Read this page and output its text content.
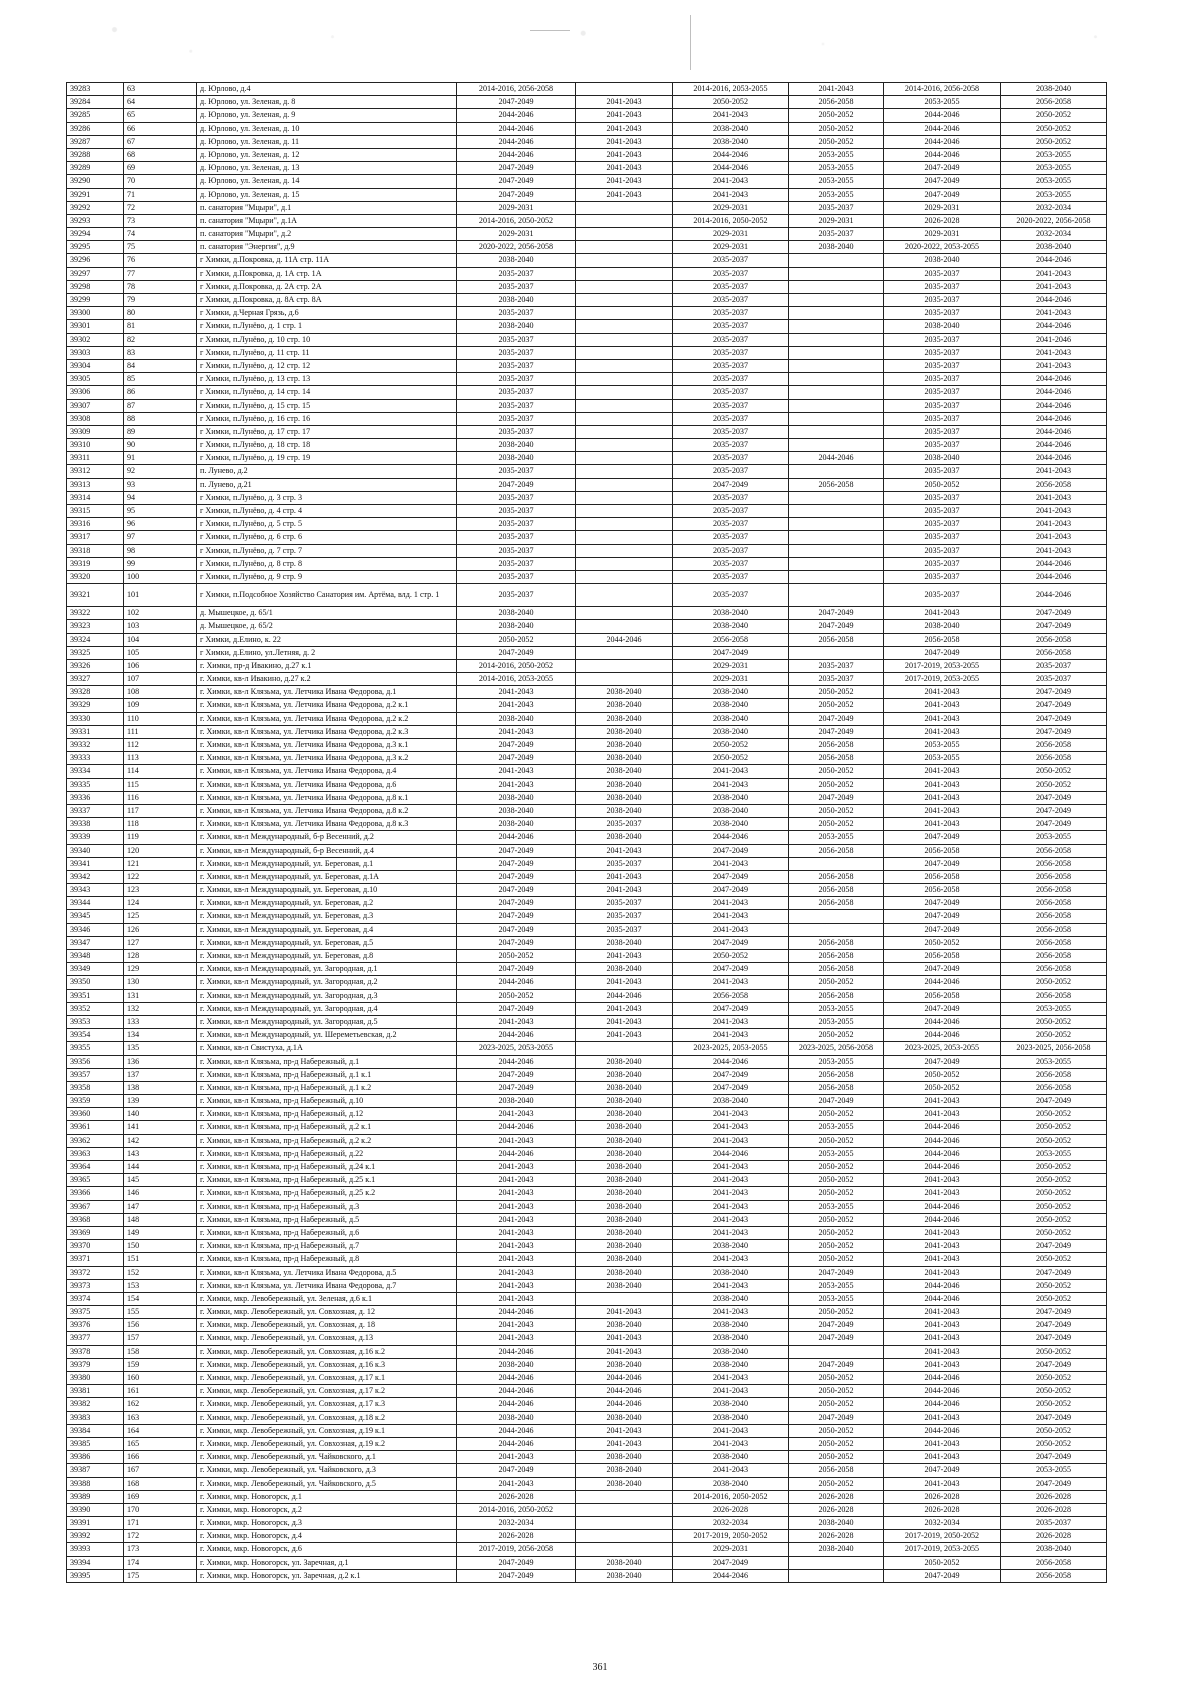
39283	63	д. Юрлово, д.4	2014-2016, 2056-2058		2014-2016, 2053-2055	2041-2043	2014-2016, 2056-2058	2038-2040
39284	64	д. Юрлово, ул. Зеленая, д. 8	2047-2049	2041-2043	2050-2052	2056-2058	2053-2055	2056-2058
39285	65	д. Юрлово, ул. Зеленая, д. 9	2044-2046	2041-2043	2041-2043	2050-2052	2044-2046	2050-2052
39286	66	д. Юрлово, ул. Зеленая, д. 10	2044-2046	2041-2043	2038-2040	2050-2052	2044-2046	2050-2052
39287	67	д. Юрлово, ул. Зеленая, д. 11	2044-2046	2041-2043	2038-2040	2050-2052	2044-2046	2050-2052
39288	68	д. Юрлово, ул. Зеленая, д. 12	2044-2046	2041-2043	2044-2046	2053-2055	2044-2046	2053-2055
39289	69	д. Юрлово, ул. Зеленая, д. 13	2047-2049	2041-2043	2044-2046	2053-2055	2047-2049	2053-2055
39290	70	д. Юрлово, ул. Зеленая, д. 14	2047-2049	2041-2043	2041-2043	2053-2055	2047-2049	2053-2055
39291	71	д. Юрлово, ул. Зеленая, д. 15	2047-2049	2041-2043	2041-2043	2053-2055	2047-2049	2053-2055
39292	72	п. санатория "Мцыри", д.1	2029-2031		2029-2031	2035-2037	2029-2031	2032-2034
39293	73	п. санатория "Мцыри", д.1А	2014-2016, 2050-2052		2014-2016, 2050-2052	2029-2031	2026-2028	2020-2022, 2056-2058
39294	74	п. санатория "Мцыри", д.2	2029-2031		2029-2031	2035-2037	2029-2031	2032-2034
39295	75	п. санатория "Энергия", д.9	2020-2022, 2056-2058		2029-2031	2038-2040	2020-2022, 2053-2055	2038-2040
39296	76	г Химки, д.Покровка, д. 11А стр. 11А	2038-2040		2035-2037		2038-2040	2044-2046
39297	77	г Химки, д.Покровка, д. 1А стр. 1А	2035-2037		2035-2037		2035-2037	2041-2043
39298	78	г Химки, д.Покровка, д. 2А стр. 2А	2035-2037		2035-2037		2035-2037	2041-2043
39299	79	г Химки, д.Покровка, д. 8А стр. 8А	2038-2040		2035-2037		2035-2037	2044-2046
39300	80	г Химки, д.Черная Грязь, д.6	2035-2037		2035-2037		2035-2037	2041-2043
39301	81	г Химки, п.Лунёво, д. 1 стр. 1	2038-2040		2035-2037		2038-2040	2044-2046
39302	82	г Химки, п.Лунёво, д. 10 стр. 10	2035-2037		2035-2037		2035-2037	2041-2046
39303	83	г Химки, п.Лунёво, д. 11 стр. 11	2035-2037		2035-2037		2035-2037	2041-2043
39304	84	г Химки, п.Лунёво, д. 12 стр. 12	2035-2037		2035-2037		2035-2037	2041-2043
39305	85	г Химки, п.Лунёво, д. 13 стр. 13	2035-2037		2035-2037		2035-2037	2044-2046
39306	86	г Химки, п.Лунёво, д. 14 стр. 14	2035-2037		2035-2037		2035-2037	2044-2046
39307	87	г Химки, п.Лунёво, д. 15 стр. 15	2035-2037		2035-2037		2035-2037	2044-2046
39308	88	г Химки, п.Лунёво, д. 16 стр. 16	2035-2037		2035-2037		2035-2037	2044-2046
39309	89	г Химки, п.Лунёво, д. 17 стр. 17	2035-2037		2035-2037		2035-2037	2044-2046
39310	90	г Химки, п.Лунёво, д. 18 стр. 18	2038-2040		2035-2037		2035-2037	2044-2046
39311	91	г Химки, п.Лунёво, д. 19 стр. 19	2038-2040		2035-2037	2044-2046	2038-2040	2044-2046
39312	92	п. Лунево, д.2	2035-2037		2035-2037		2035-2037	2041-2043
39313	93	п. Лунево, д.21	2047-2049		2047-2049	2056-2058	2050-2052	2056-2058
39314	94	г Химки, п.Лунёво, д. 3 стр. 3	2035-2037		2035-2037		2035-2037	2041-2043
39315	95	г Химки, п.Лунёво, д. 4 стр. 4	2035-2037		2035-2037		2035-2037	2041-2043
39316	96	г Химки, п.Лунёво, д. 5 стр. 5	2035-2037		2035-2037		2035-2037	2041-2043
39317	97	г Химки, п.Лунёво, д. 6 стр. 6	2035-2037		2035-2037		2035-2037	2041-2043
39318	98	г Химки, п.Лунёво, д. 7 стр. 7	2035-2037		2035-2037		2035-2037	2041-2043
39319	99	г Химки, п.Лунёво, д. 8 стр. 8	2035-2037		2035-2037		2035-2037	2044-2046
39320	100	г Химки, п.Лунёво, д. 9 стр. 9	2035-2037		2035-2037		2035-2037	2044-2046
39321	101	г Химки, п.Подсобное Хозяйство Санатория им. Артёма, влд. 1 стр. 1	2035-2037		2035-2037		2035-2037	2044-2046
39322	102	д. Мышецкое, д. 65/1	2038-2040		2038-2040	2047-2049	2041-2043	2047-2049
39323	103	д. Мышецкое, д. 65/2	2038-2040		2038-2040	2047-2049	2038-2040	2047-2049
39324	104	г Химки, д.Елино, к. 22	2050-2052	2044-2046	2056-2058	2056-2058	2056-2058	2056-2058
39325	105	г Химки, д.Елино, ул.Летняя, д. 2	2047-2049		2047-2049		2047-2049	2056-2058
39326	106	г. Химки, пр-д Ивакино, д.27 к.1	2014-2016, 2050-2052		2029-2031	2035-2037	2017-2019, 2053-2055	2035-2037
39327	107	г. Химки, кв-л Ивакино, д.27 к.2	2014-2016, 2053-2055		2029-2031	2035-2037	2017-2019, 2053-2055	2035-2037
39328	108	г. Химки, кв-л Клязьма, ул. Летчика Ивана Федорова, д.1	2041-2043	2038-2040	2038-2040	2050-2052	2041-2043	2047-2049
39329	109	г. Химки, кв-л Клязьма, ул. Летчика Ивана Федорова, д.2 к.1	2041-2043	2038-2040	2038-2040	2050-2052	2041-2043	2047-2049
39330	110	г. Химки, кв-л Клязьма, ул. Летчика Ивана Федорова, д.2 к.2	2038-2040	2038-2040	2038-2040	2047-2049	2041-2043	2047-2049
39331	111	г. Химки, кв-л Клязьма, ул. Летчика Ивана Федорова, д.2 к.3	2041-2043	2038-2040	2038-2040	2047-2049	2041-2043	2047-2049
39332	112	г. Химки, кв-л Клязьма, ул. Летчика Ивана Федорова, д.3 к.1	2047-2049	2038-2040	2050-2052	2056-2058	2053-2055	2056-2058
39333	113	г. Химки, кв-л Клязьма, ул. Летчика Ивана Федорова, д.3 к.2	2047-2049	2038-2040	2050-2052	2056-2058	2053-2055	2056-2058
39334	114	г. Химки, кв-л Клязьма, ул. Летчика Ивана Федорова, д.4	2041-2043	2038-2040	2041-2043	2050-2052	2041-2043	2050-2052
39335	115	г. Химки, кв-л Клязьма, ул. Летчика Ивана Федорова, д.6	2041-2043	2038-2040	2041-2043	2050-2052	2041-2043	2050-2052
39336	116	г. Химки, кв-л Клязьма, ул. Летчика Ивана Федорова, д.8 к.1	2038-2040	2038-2040	2038-2040	2047-2049	2041-2043	2047-2049
39337	117	г. Химки, кв-л Клязьма, ул. Летчика Ивана Федорова, д.8 к.2	2038-2040	2038-2040	2038-2040	2050-2052	2041-2043	2047-2049
39338	118	г. Химки, кв-л Клязьма, ул. Летчика Ивана Федорова, д.8 к.3	2038-2040	2035-2037	2038-2040	2050-2052	2041-2043	2047-2049
39339	119	г. Химки, кв-л Международный, б-р Весенний, д.2	2044-2046	2038-2040	2044-2046	2053-2055	2047-2049	2053-2055
39340	120	г. Химки, кв-л Международный, б-р Весенний, д.4	2047-2049	2041-2043	2047-2049	2056-2058	2056-2058	2056-2058
39341	121	г. Химки, кв-л Международный, ул. Береговая, д.1	2047-2049	2035-2037	2041-2043		2047-2049	2056-2058
39342	122	г. Химки, кв-л Международный, ул. Береговая, д.1А	2047-2049	2041-2043	2047-2049	2056-2058	2056-2058	2056-2058
39343	123	г. Химки, кв-л Международный, ул. Береговая, д.10	2047-2049	2041-2043	2047-2049	2056-2058	2056-2058	2056-2058
39344	124	г. Химки, кв-л Международный, ул. Береговая, д.2	2047-2049	2035-2037	2041-2043	2056-2058	2047-2049	2056-2058
39345	125	г. Химки, кв-л Международный, ул. Береговая, д.3	2047-2049	2035-2037	2041-2043		2047-2049	2056-2058
39346	126	г. Химки, кв-л Международный, ул. Береговая, д.4	2047-2049	2035-2037	2041-2043		2047-2049	2056-2058
39347	127	г. Химки, кв-л Международный, ул. Береговая, д.5	2047-2049	2038-2040	2047-2049	2056-2058	2050-2052	2056-2058
39348	128	г. Химки, кв-л Международный, ул. Береговая, д.8	2050-2052	2041-2043	2050-2052	2056-2058	2056-2058	2056-2058
39349	129	г. Химки, кв-л Международный, ул. Загородная, д.1	2047-2049	2038-2040	2047-2049	2056-2058	2047-2049	2056-2058
39350	130	г. Химки, кв-л Международный, ул. Загородная, д.2	2044-2046	2041-2043	2041-2043	2050-2052	2044-2046	2050-2052
39351	131	г. Химки, кв-л Международный, ул. Загородная, д.3	2050-2052	2044-2046	2056-2058	2056-2058	2056-2058	2056-2058
39352	132	г. Химки, кв-л Международный, ул. Загородная, д.4	2047-2049	2041-2043	2047-2049	2053-2055	2047-2049	2053-2055
39353	133	г. Химки, кв-л Международный, ул. Загородная, д.5	2041-2043	2041-2043	2041-2043	2053-2055	2044-2046	2050-2052
39354	134	г. Химки, кв-л Международный, ул. Шереметьевская, д.2	2044-2046	2041-2043	2041-2043	2050-2052	2044-2046	2050-2052
39355	135	г. Химки, кв-л Свистуха, д.1А	2023-2025, 2053-2055		2023-2025, 2053-2055	2023-2025, 2056-2058	2023-2025, 2053-2055	2023-2025, 2056-2058
39356	136	г. Химки, кв-л Клязьма, пр-д Набережный, д.1	2044-2046	2038-2040	2044-2046	2053-2055	2047-2049	2053-2055
39357	137	г. Химки, кв-л Клязьма, пр-д Набережный, д.1 к.1	2047-2049	2038-2040	2047-2049	2056-2058	2050-2052	2056-2058
39358	138	г. Химки, кв-л Клязьма, пр-д Набережный, д.1 к.2	2047-2049	2038-2040	2047-2049	2056-2058	2050-2052	2056-2058
39359	139	г. Химки, кв-л Клязьма, пр-д Набережный, д.10	2038-2040	2038-2040	2038-2040	2047-2049	2041-2043	2047-2049
39360	140	г. Химки, кв-л Клязьма, пр-д Набережный, д.12	2041-2043	2038-2040	2041-2043	2050-2052	2041-2043	2050-2052
39361	141	г. Химки, кв-л Клязьма, пр-д Набережный, д.2 к.1	2044-2046	2038-2040	2041-2043	2053-2055	2044-2046	2050-2052
39362	142	г. Химки, кв-л Клязьма, пр-д Набережный, д.2 к.2	2041-2043	2038-2040	2041-2043	2050-2052	2044-2046	2050-2052
39363	143	г. Химки, кв-л Клязьма, пр-д Набережный, д.22	2044-2046	2038-2040	2044-2046	2053-2055	2044-2046	2053-2055
39364	144	г. Химки, кв-л Клязьма, пр-д Набережный, д.24 к.1	2041-2043	2038-2040	2041-2043	2050-2052	2044-2046	2050-2052
39365	145	г. Химки, кв-л Клязьма, пр-д Набережный, д.25 к.1	2041-2043	2038-2040	2041-2043	2050-2052	2041-2043	2050-2052
39366	146	г. Химки, кв-л Клязьма, пр-д Набережный, д.25 к.2	2041-2043	2038-2040	2041-2043	2050-2052	2041-2043	2050-2052
39367	147	г. Химки, кв-л Клязьма, пр-д Набережный, д.3	2041-2043	2038-2040	2041-2043	2053-2055	2044-2046	2050-2052
39368	148	г. Химки, кв-л Клязьма, пр-д Набережный, д.5	2041-2043	2038-2040	2041-2043	2050-2052	2044-2046	2050-2052
39369	149	г. Химки, кв-л Клязьма, пр-д Набережный, д.6	2041-2043	2038-2040	2041-2043	2050-2052	2041-2043	2050-2052
39370	150	г. Химки, кв-л Клязьма, пр-д Набережный, д.7	2041-2043	2038-2040	2038-2040	2050-2052	2041-2043	2047-2049
39371	151	г. Химки, кв-л Клязьма, пр-д Набережный, д.8	2041-2043	2038-2040	2041-2043	2050-2052	2041-2043	2050-2052
39372	152	г. Химки, кв-л Клязьма, ул. Летчика Ивана Федорова, д.5	2041-2043	2038-2040	2038-2040	2047-2049	2041-2043	2047-2049
39373	153	г. Химки, кв-л Клязьма, ул. Летчика Ивана Федорова, д.7	2041-2043	2038-2040	2041-2043	2053-2055	2044-2046	2050-2052
39374	154	г. Химки, мкр. Левобережный, ул. Зеленая, д.6 к.1	2041-2043		2038-2040	2053-2055	2044-2046	2050-2052
39375	155	г. Химки, мкр. Левобережный, ул. Совхозная, д. 12	2044-2046	2041-2043	2041-2043	2050-2052	2041-2043	2047-2049
39376	156	г. Химки, мкр. Левобережный, ул. Совхозная, д. 18	2041-2043	2038-2040	2038-2040	2047-2049	2041-2043	2047-2049
39377	157	г. Химки, мкр. Левобережный, ул. Совхозная, д.13	2041-2043	2041-2043	2038-2040	2047-2049	2041-2043	2047-2049
39378	158	г. Химки, мкр. Левобережный, ул. Совхозная, д.16 к.2	2044-2046	2041-2043	2038-2040		2041-2043	2050-2052
39379	159	г. Химки, мкр. Левобережный, ул. Совхозная, д.16 к.3	2038-2040	2038-2040	2038-2040	2047-2049	2041-2043	2047-2049
39380	160	г. Химки, мкр. Левобережный, ул. Совхозная, д.17 к.1	2044-2046	2044-2046	2041-2043	2050-2052	2044-2046	2050-2052
39381	161	г. Химки, мкр. Левобережный, ул. Совхозная, д.17 к.2	2044-2046	2044-2046	2041-2043	2050-2052	2044-2046	2050-2052
39382	162	г. Химки, мкр. Левобережный, ул. Совхозная, д.17 к.3	2044-2046	2044-2046	2038-2040	2050-2052	2044-2046	2050-2052
39383	163	г. Химки, мкр. Левобережный, ул. Совхозная, д.18 к.2	2038-2040	2038-2040	2038-2040	2047-2049	2041-2043	2047-2049
39384	164	г. Химки, мкр. Левобережный, ул. Совхозная, д.19 к.1	2044-2046	2041-2043	2041-2043	2050-2052	2044-2046	2050-2052
39385	165	г. Химки, мкр. Левобережный, ул. Совхозная, д.19 к.2	2044-2046	2041-2043	2041-2043	2050-2052	2041-2043	2050-2052
39386	166	г. Химки, мкр. Левобережный, ул. Чайковского, д.1	2041-2043	2038-2040	2038-2040	2050-2052	2041-2043	2047-2049
39387	167	г. Химки, мкр. Левобережный, ул. Чайковского, д.3	2047-2049	2038-2040	2041-2043	2056-2058	2047-2049	2053-2055
39388	168	г. Химки, мкр. Левобережный, ул. Чайковского, д.5	2041-2043	2038-2040	2038-2040	2050-2052	2041-2043	2047-2049
39389	169	г. Химки, мкр. Новогорск, д.1	2026-2028		2014-2016, 2050-2052	2026-2028	2026-2028	2026-2028
39390	170	г. Химки, мкр. Новогорск, д.2	2014-2016, 2050-2052		2026-2028	2026-2028	2026-2028	2026-2028
39391	171	г. Химки, мкр. Новогорск, д.3	2032-2034		2032-2034	2038-2040	2032-2034	2035-2037
39392	172	г. Химки, мкр. Новогорск, д.4	2026-2028		2017-2019, 2050-2052	2026-2028	2017-2019, 2050-2052	2026-2028
39393	173	г. Химки, мкр. Новогорск, д.6	2017-2019, 2056-2058		2029-2031	2038-2040	2017-2019, 2053-2055	2038-2040
39394	174	г. Химки, мкр. Новогорск, ул. Заречная, д.1	2047-2049	2038-2040	2047-2049		2050-2052	2056-2058
39395	175	г. Химки, мкр. Новогорск, ул. Заречная, д.2 к.1	2047-2049	2038-2040	2044-2046		2047-2049	2056-2058
361
